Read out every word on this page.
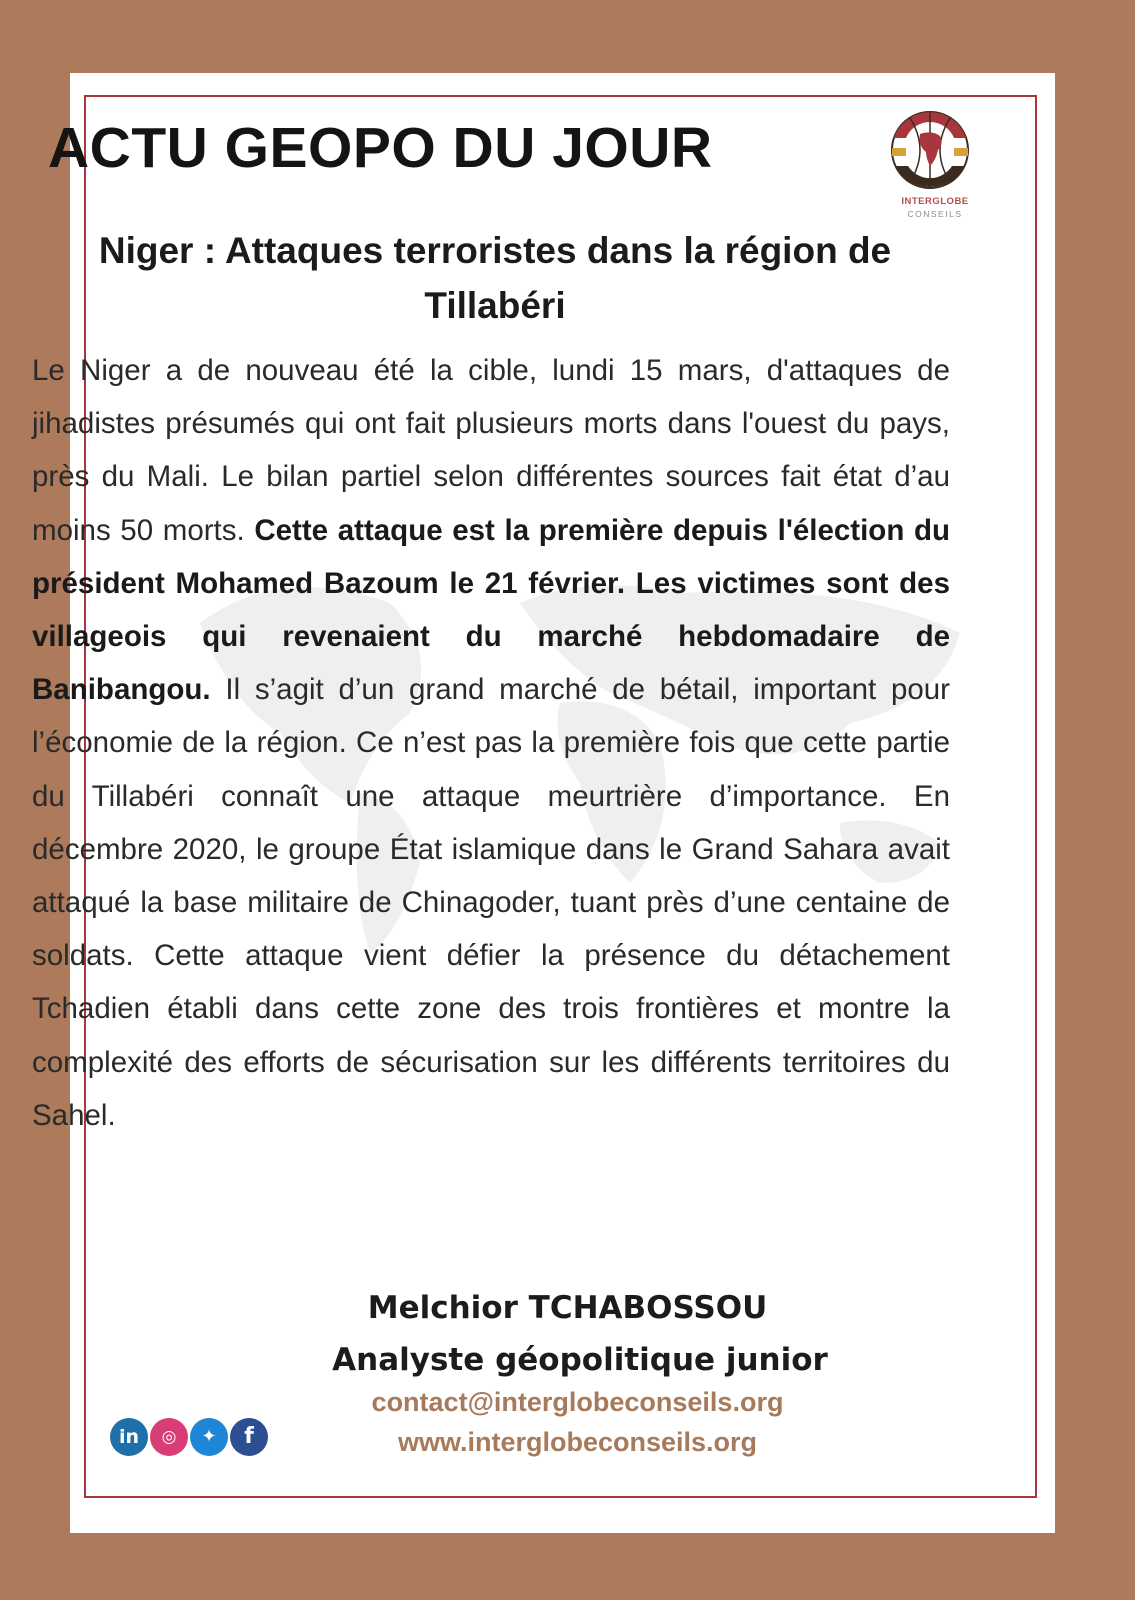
ACTU GEOPO DU JOUR
INTERGLOBE
CONSEILS
Niger : Attaques terroristes dans la région de Tillabéri

Le Niger a de nouveau été la cible, lundi 15 mars, d'attaques de jihadistes présumés qui ont fait plusieurs morts dans l'ouest du pays, près du Mali. Le bilan partiel selon différentes sources fait état d’au moins 50 morts. Cette attaque est la première depuis l'élection du président Mohamed Bazoum le 21 février. Les victimes sont des villageois qui revenaient du marché hebdomadaire de Banibangou. Il s’agit d’un grand marché de bétail, important pour l’économie de la région. Ce n’est pas la première fois que cette partie du Tillabéri connaît une attaque meurtrière d’importance. En décembre 2020, le groupe État islamique dans le Grand Sahara avait attaqué la base militaire de Chinagoder, tuant près d’une centaine de soldats. Cette attaque vient défier la présence du détachement Tchadien établi dans cette zone des trois frontières et montre la complexité des efforts de sécurisation sur les différents territoires du Sahel.

Melchior TCHABOSSOU
Analyste géopolitique junior
contact@interglobeconseils.org
www.interglobeconseils.org
in	◎	✦	f
